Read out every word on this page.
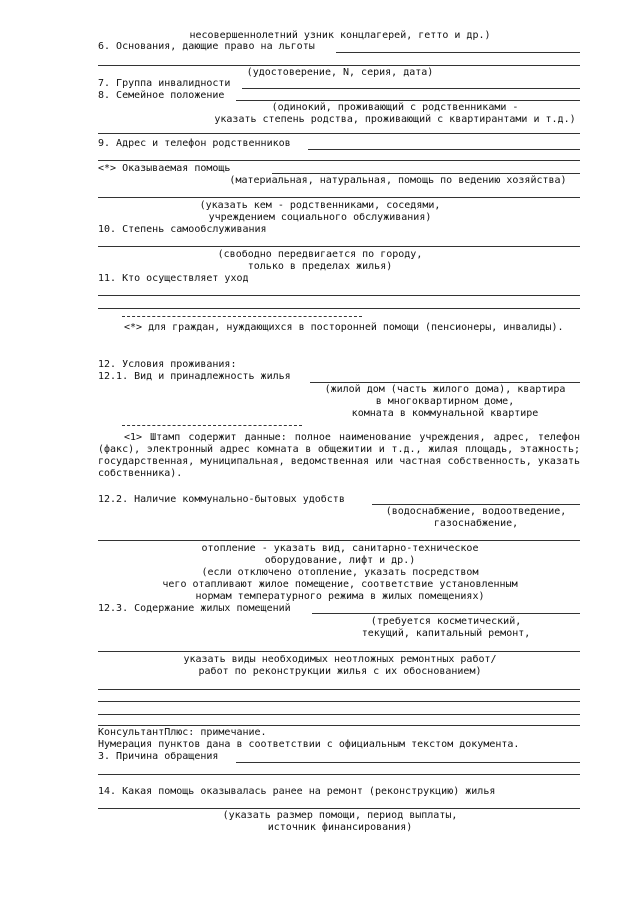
несовершеннолетний узник концлагерей, гетто и др.)
6. Основания, дающие право на льготы
(удостоверение, N, серия, дата)
7. Группа инвалидности
8. Семейное положение
(одинокий, проживающий с родственниками -
указать степень родства, проживающий с квартирантами и т.д.)
9. Адрес и телефон родственников
<*> Оказываемая помощь
(материальная, натуральная, помощь по ведению хозяйства)
(указать кем - родственниками, соседями,
учреждением социального обслуживания)
10. Степень самообслуживания
(свободно передвигается по городу,
только в пределах жилья)
11. Кто осуществляет уход
<*> для граждан, нуждающихся в посторонней помощи (пенсионеры, инвалиды).
12. Условия проживания:
12.1. Вид и принадлежность жилья
(жилой дом (часть жилого дома), квартира
в многоквартирном доме,
комната в коммунальной квартире
<1> Штамп содержит данные: полное наименование учреждения, адрес, телефон (факс), электронный адрес комната в общежитии и т.д., жилая площадь, этажность; государственная, муниципальная, ведомственная или частная собственность, указать собственника).
12.2. Наличие коммунально-бытовых удобств
(водоснабжение, водоотведение,
газоснабжение,
отопление - указать вид, санитарно-техническое
оборудование, лифт и др.)
(если отключено отопление, указать посредством
чего отапливают жилое помещение, соответствие установленным
нормам температурного режима в жилых помещениях)
12.3. Содержание жилых помещений
(требуется косметический,
текущий, капитальный ремонт,
указать виды необходимых неотложных ремонтных работ/
работ по реконструкции жилья с их обоснованием)
КонсультантПлюс: примечание.
Нумерация пунктов дана в соответствии с официальным текстом документа.
3. Причина обращения
14. Какая помощь оказывалась ранее на ремонт (реконструкцию) жилья
(указать размер помощи, период выплаты,
источник финансирования)
